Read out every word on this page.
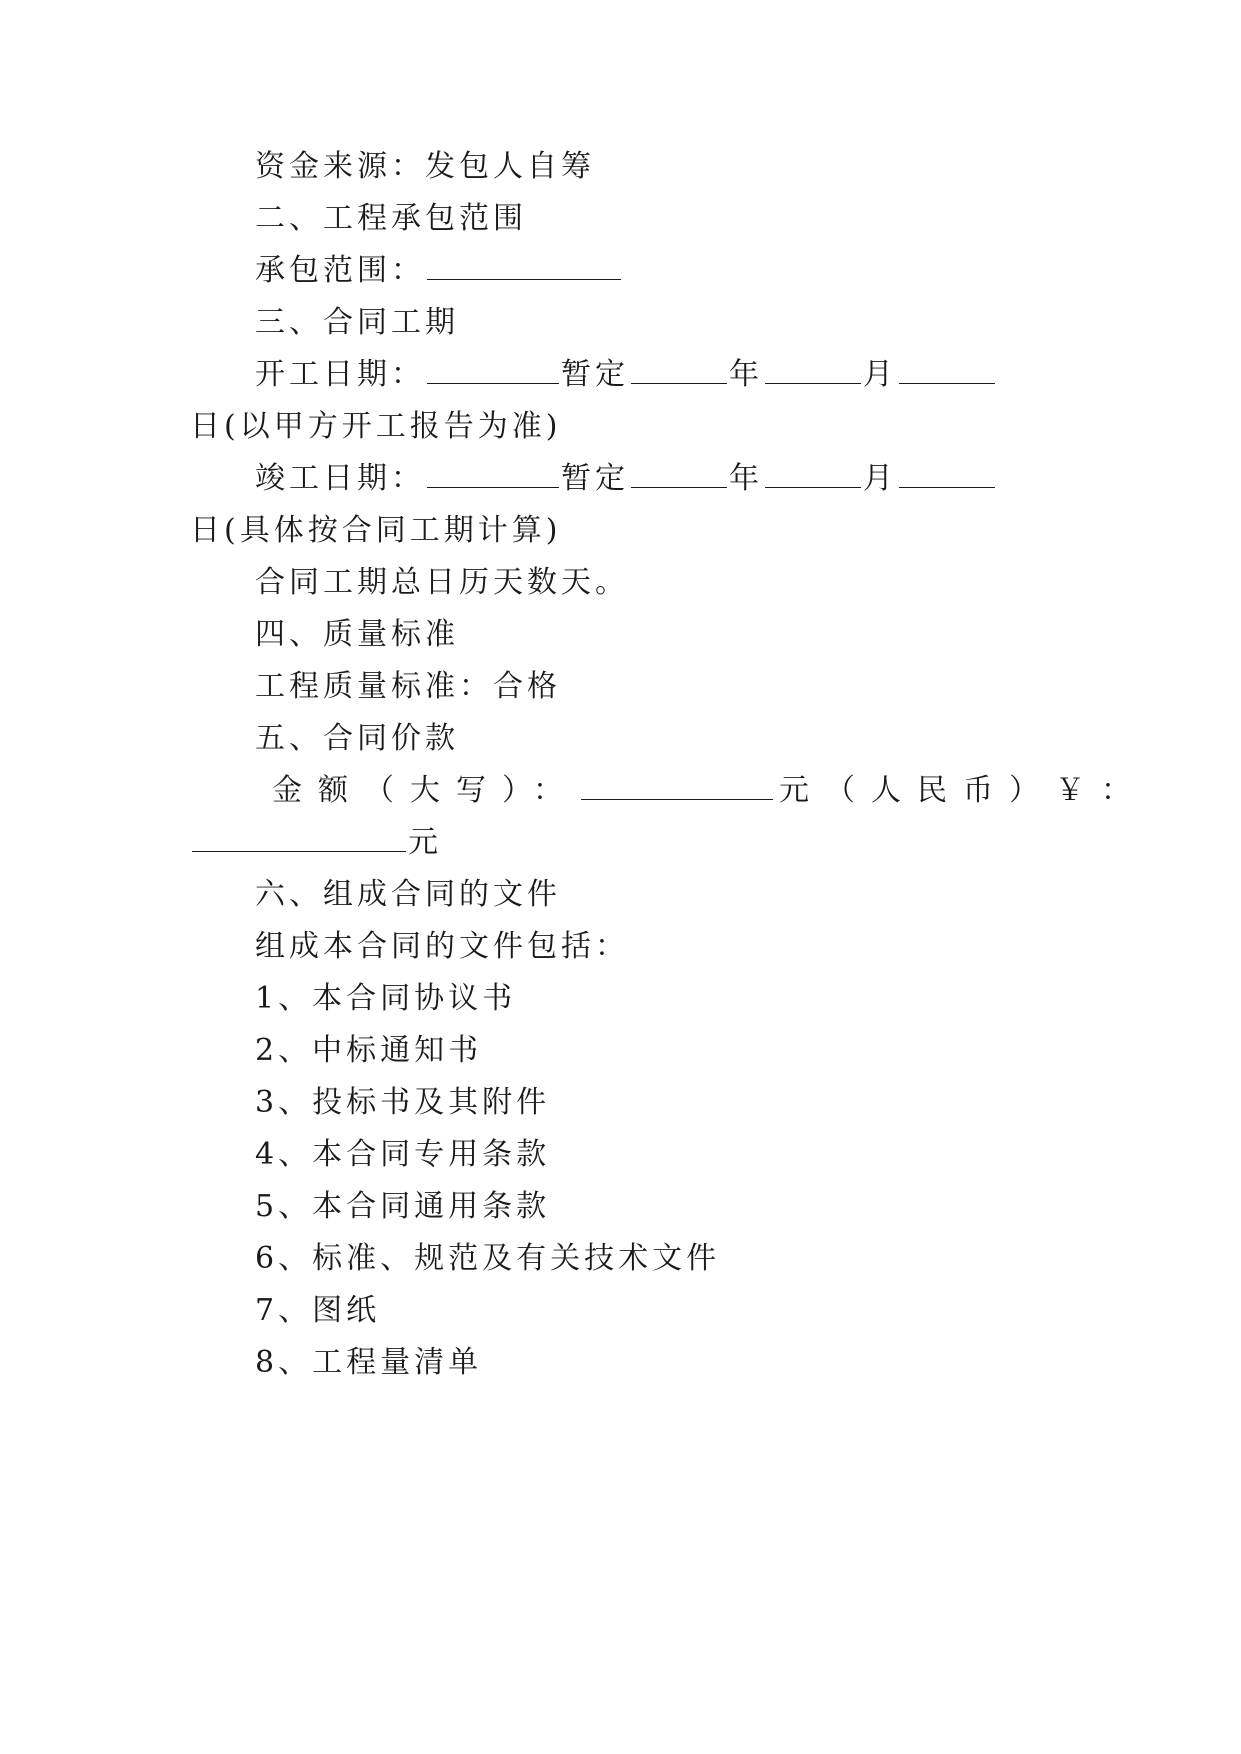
资金来源：发包人自筹
二、工程承包范围
承包范围：
三、合同工期
开工日期：	暂定	年	月
日(以甲方开工报告为准)
竣工日期：	暂定	年	月
日(具体按合同工期计算)
合同工期总日历天数天。
四、质量标准
工程质量标准：合格
五、合同价款
金额（大写）：	元（人民币）￥：
元
六、组成合同的文件
组成本合同的文件包括：
1、本合同协议书
2、中标通知书
3、投标书及其附件
4、本合同专用条款
5、本合同通用条款
6、标准、规范及有关技术文件
7、图纸
8、工程量清单
